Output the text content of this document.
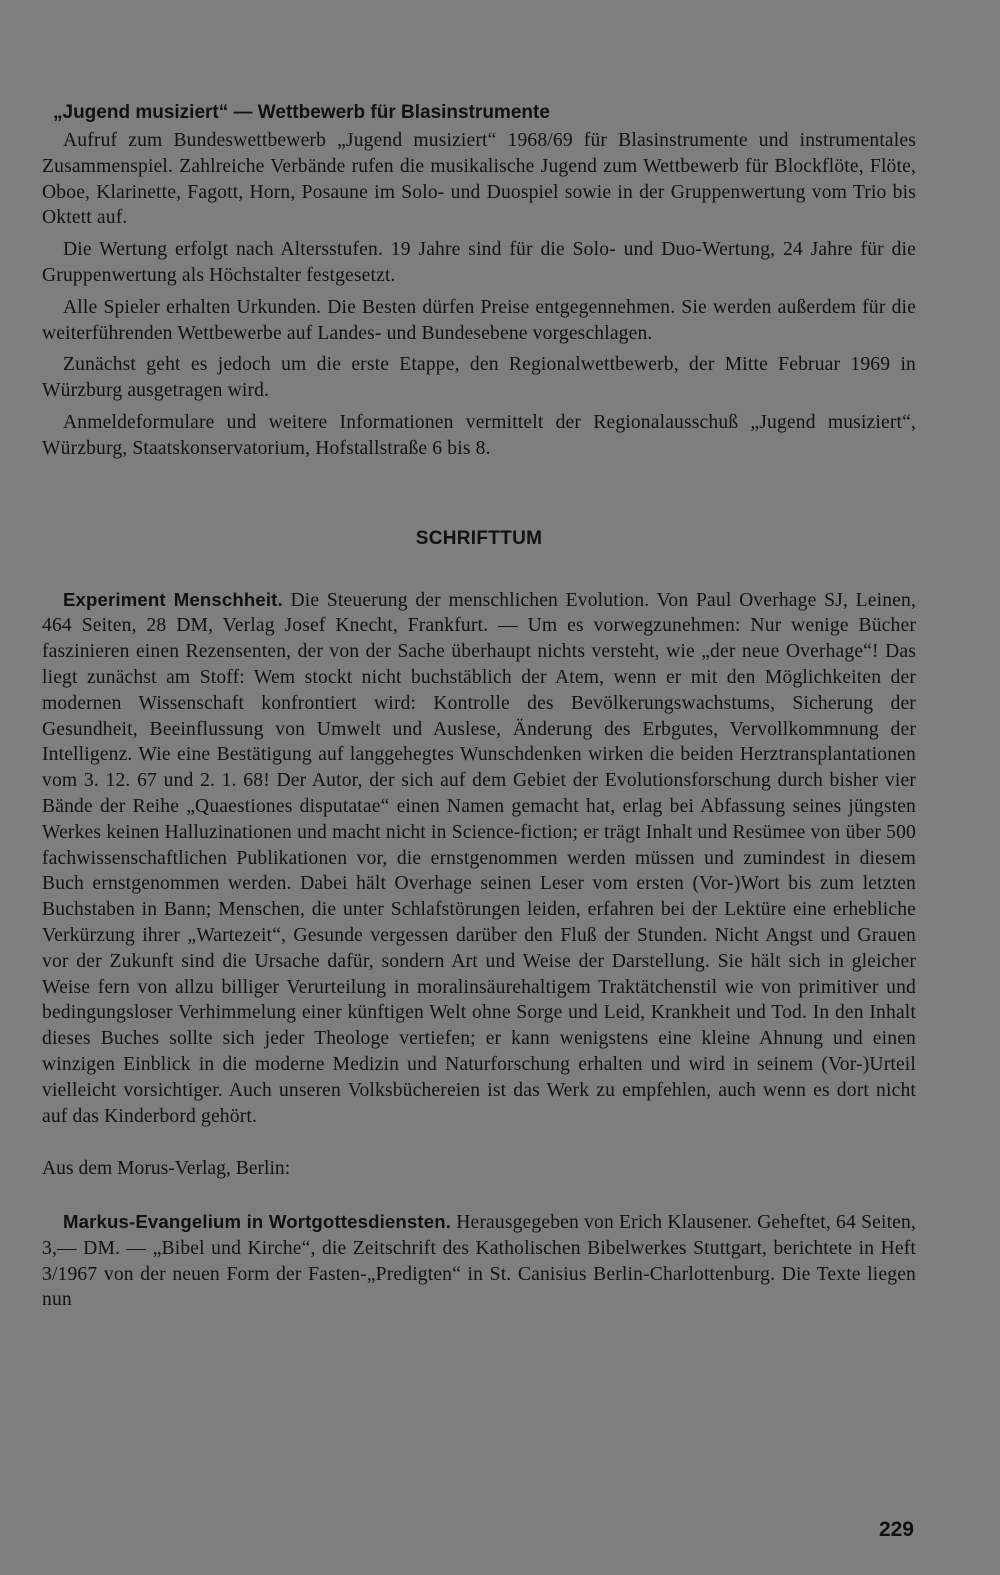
„Jugend musiziert“ — Wettbewerb für Blasinstrumente

Aufruf zum Bundeswettbewerb „Jugend musiziert“ 1968/69 für Blasinstrumente und instrumentales Zusammenspiel. Zahlreiche Verbände rufen die musikalische Jugend zum Wettbewerb für Blockflöte, Flöte, Oboe, Klarinette, Fagott, Horn, Posaune im Solo- und Duospiel sowie in der Gruppenwertung vom Trio bis Oktett auf.

Die Wertung erfolgt nach Altersstufen. 19 Jahre sind für die Solo- und Duo-Wertung, 24 Jahre für die Gruppenwertung als Höchstalter festgesetzt.

Alle Spieler erhalten Urkunden. Die Besten dürfen Preise entgegennehmen. Sie werden außerdem für die weiterführenden Wettbewerbe auf Landes- und Bundesebene vorgeschlagen.

Zunächst geht es jedoch um die erste Etappe, den Regionalwettbewerb, der Mitte Februar 1969 in Würzburg ausgetragen wird.

Anmeldeformulare und weitere Informationen vermittelt der Regionalausschuß „Jugend musiziert“, Würzburg, Staatskonservatorium, Hofstallstraße 6 bis 8.

SCHRIFTTUM

Experiment Menschheit. Die Steuerung der menschlichen Evolution. Von Paul Overhage SJ, Leinen, 464 Seiten, 28 DM, Verlag Josef Knecht, Frankfurt. — Um es vorwegzunehmen: Nur wenige Bücher faszinieren einen Rezensenten, der von der Sache überhaupt nichts versteht, wie „der neue Overhage“! Das liegt zunächst am Stoff: Wem stockt nicht buchstäblich der Atem, wenn er mit den Möglichkeiten der modernen Wissenschaft konfrontiert wird: Kontrolle des Bevölkerungswachstums, Sicherung der Gesundheit, Beeinflussung von Umwelt und Auslese, Änderung des Erbgutes, Vervollkommnung der Intelligenz. Wie eine Bestätigung auf langgehegtes Wunschdenken wirken die beiden Herztransplantationen vom 3. 12. 67 und 2. 1. 68! Der Autor, der sich auf dem Gebiet der Evolutionsforschung durch bisher vier Bände der Reihe „Quaestiones disputatae“ einen Namen gemacht hat, erlag bei Abfassung seines jüngsten Werkes keinen Halluzinationen und macht nicht in Science-fiction; er trägt Inhalt und Resümee von über 500 fachwissenschaftlichen Publikationen vor, die ernstgenommen werden müssen und zumindest in diesem Buch ernstgenommen werden. Dabei hält Overhage seinen Leser vom ersten (Vor-)Wort bis zum letzten Buchstaben in Bann; Menschen, die unter Schlafstörungen leiden, erfahren bei der Lektüre eine erhebliche Verkürzung ihrer „Wartezeit“, Gesunde vergessen darüber den Fluß der Stunden. Nicht Angst und Grauen vor der Zukunft sind die Ursache dafür, sondern Art und Weise der Darstellung. Sie hält sich in gleicher Weise fern von allzu billiger Verurteilung in moralinsäurehaltigem Traktätchenstil wie von primitiver und bedingungsloser Verhimmelung einer künftigen Welt ohne Sorge und Leid, Krankheit und Tod. In den Inhalt dieses Buches sollte sich jeder Theologe vertiefen; er kann wenigstens eine kleine Ahnung und einen winzigen Einblick in die moderne Medizin und Naturforschung erhalten und wird in seinem (Vor-)Urteil vielleicht vorsichtiger. Auch unseren Volksbüchereien ist das Werk zu empfehlen, auch wenn es dort nicht auf das Kinderbord gehört.

Aus dem Morus-Verlag, Berlin:

Markus-Evangelium in Wortgottesdiensten. Herausgegeben von Erich Klausener. Geheftet, 64 Seiten, 3,— DM. — „Bibel und Kirche“, die Zeitschrift des Katholischen Bibelwerkes Stuttgart, berichtete in Heft 3/1967 von der neuen Form der Fasten-„Predigten“ in St. Canisius Berlin-Charlottenburg. Die Texte liegen nun

229
